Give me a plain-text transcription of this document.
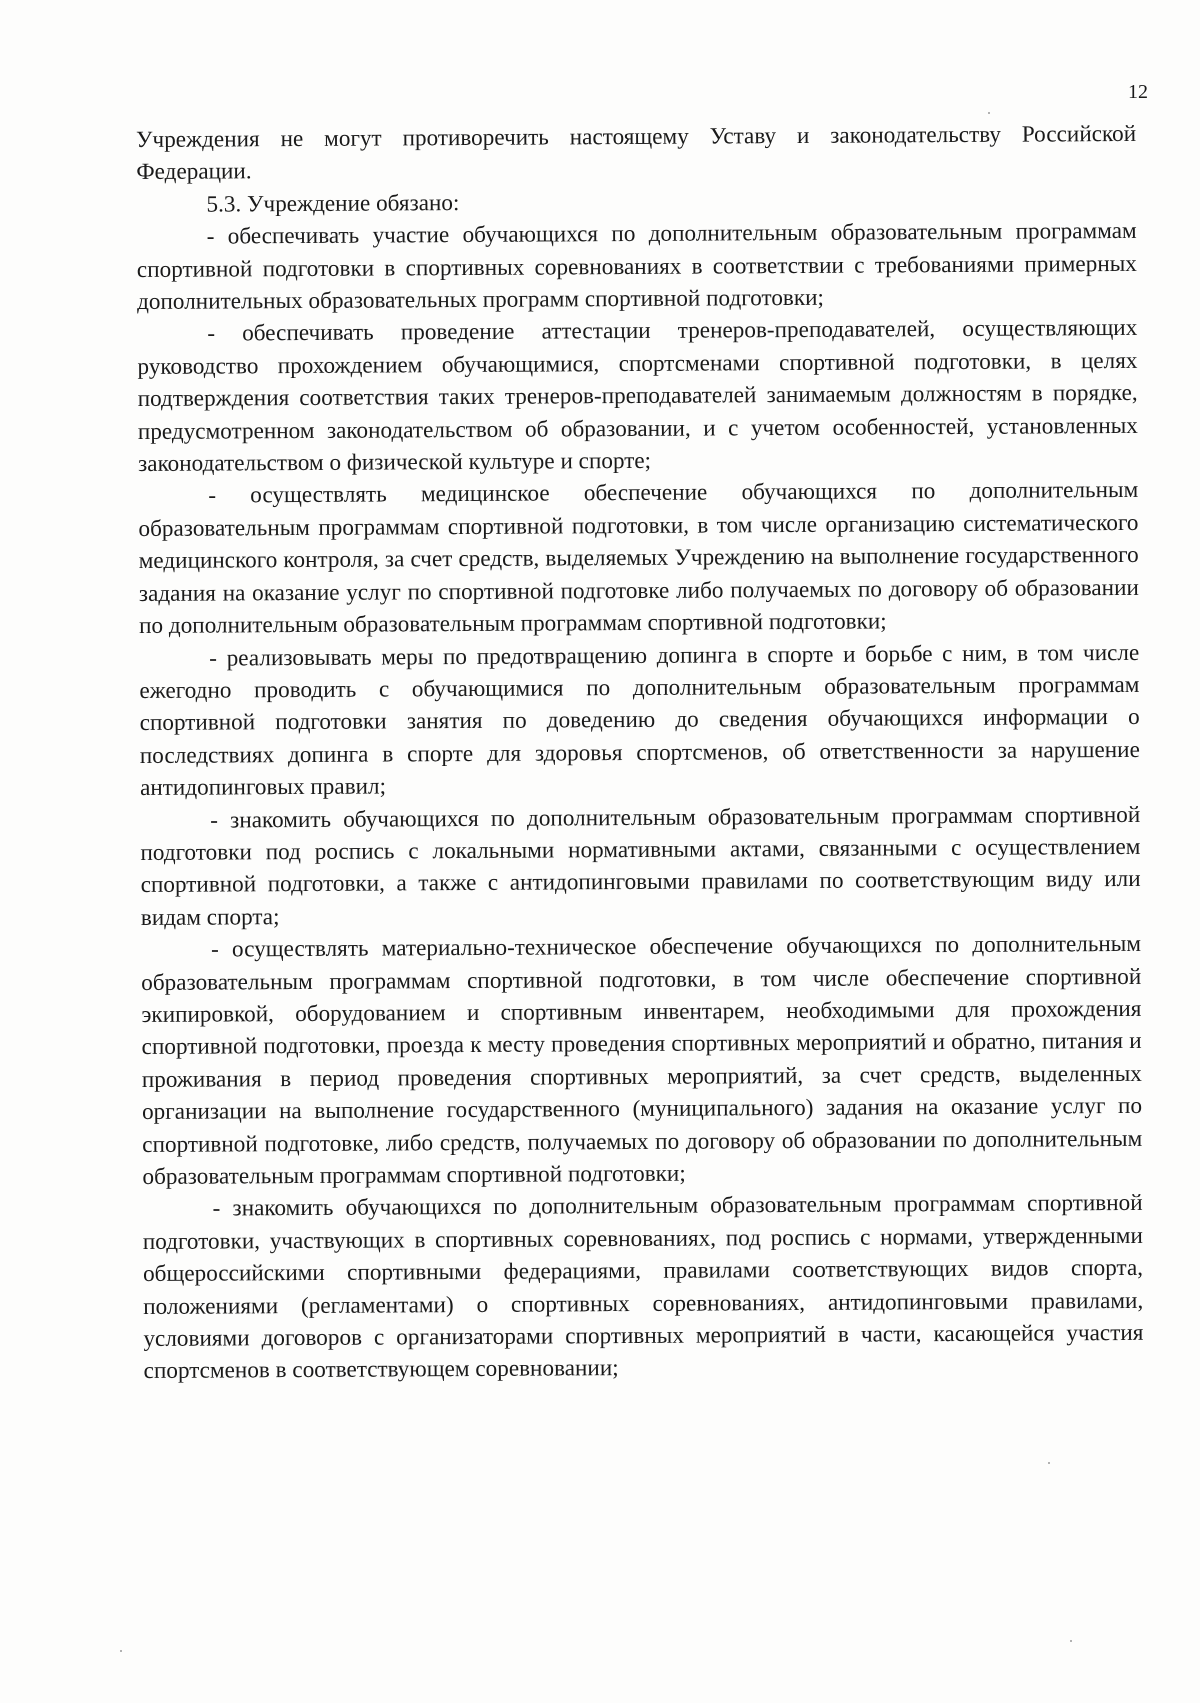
12

Учреждения не могут противоречить настоящему Уставу и законодательству Российской Федерации.

5.3. Учреждение обязано:

- обеспечивать участие обучающихся по дополнительным образовательным программам спортивной подготовки в спортивных соревнованиях в соответствии с требованиями примерных дополнительных образовательных программ спортивной подготовки;

- обеспечивать проведение аттестации тренеров-преподавателей, осуществляющих руководство прохождением обучающимися, спортсменами спортивной подготовки, в целях подтверждения соответствия таких тренеров-преподавателей занимаемым должностям в порядке, предусмотренном законодательством об образовании, и с учетом особенностей, установленных законодательством о физической культуре и спорте;

- осуществлять медицинское обеспечение обучающихся по дополнительным образовательным программам спортивной подготовки, в том числе организацию систематического медицинского контроля, за счет средств, выделяемых Учреждению на выполнение государственного задания на оказание услуг по спортивной подготовке либо получаемых по договору об образовании по дополнительным образовательным программам спортивной подготовки;

- реализовывать меры по предотвращению допинга в спорте и борьбе с ним, в том числе ежегодно проводить с обучающимися по дополнительным образовательным программам спортивной подготовки занятия по доведению до сведения обучающихся информации о последствиях допинга в спорте для здоровья спортсменов, об ответственности за нарушение антидопинговых правил;

- знакомить обучающихся по дополнительным образовательным программам спортивной подготовки под роспись с локальными нормативными актами, связанными с осуществлением спортивной подготовки, а также с антидопинговыми правилами по соответствующим виду или видам спорта;

- осуществлять материально-техническое обеспечение обучающихся по дополнительным образовательным программам спортивной подготовки, в том числе обеспечение спортивной экипировкой, оборудованием и спортивным инвентарем, необходимыми для прохождения спортивной подготовки, проезда к месту проведения спортивных мероприятий и обратно, питания и проживания в период проведения спортивных мероприятий, за счет средств, выделенных организации на выполнение государственного (муниципального) задания на оказание услуг по спортивной подготовке, либо средств, получаемых по договору об образовании по дополнительным образовательным программам спортивной подготовки;

- знакомить обучающихся по дополнительным образовательным программам спортивной подготовки, участвующих в спортивных соревнованиях, под роспись с нормами, утвержденными общероссийскими спортивными федерациями, правилами соответствующих видов спорта, положениями (регламентами) о спортивных соревнованиях, антидопинговыми правилами, условиями договоров с организаторами спортивных мероприятий в части, касающейся участия спортсменов в соответствующем соревновании;
